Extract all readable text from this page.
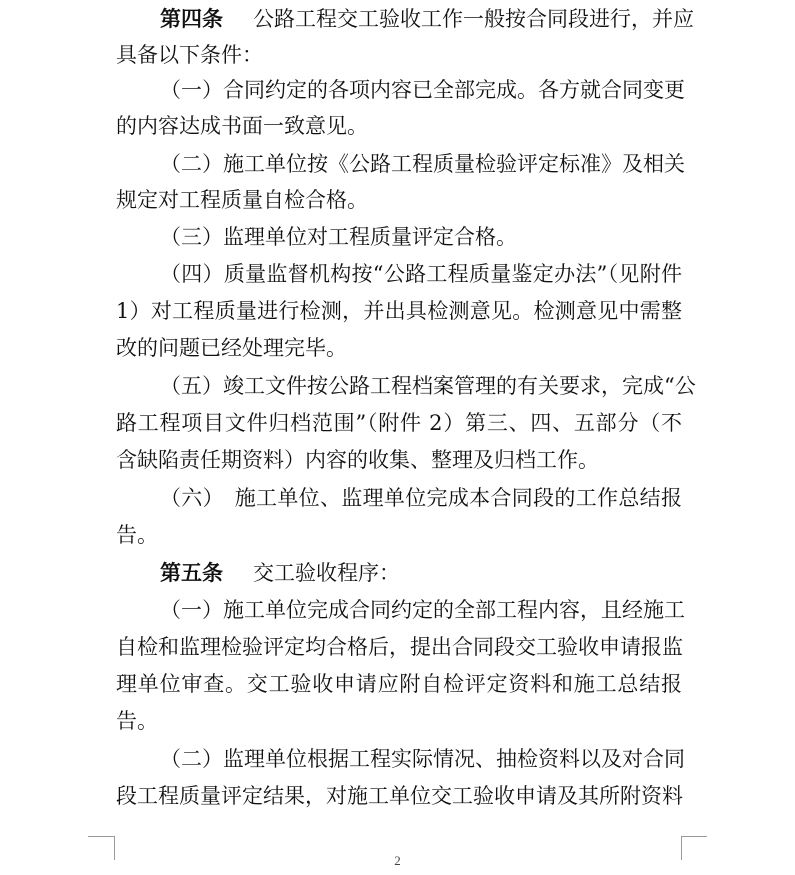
第四条 公路工程交工验收工作一般按合同段进行，并应
具备以下条件：
（一）合同约定的各项内容已全部完成。各方就合同变更
的内容达成书面一致意见。
（二）施工单位按《公路工程质量检验评定标准》及相关
规定对工程质量自检合格。
（三）监理单位对工程质量评定合格。
（四）质量监督机构按“公路工程质量鉴定办法”（见附件
1）对工程质量进行检测，并出具检测意见。检测意见中需整
改的问题已经处理完毕。
（五）竣工文件按公路工程档案管理的有关要求，完成“公
路工程项目文件归档范围”（附件 2）第三、四、五部分（不
含缺陷责任期资料）内容的收集、整理及归档工作。
（六）　施工单位、监理单位完成本合同段的工作总结报
告。
第五条 交工验收程序：
（一）施工单位完成合同约定的全部工程内容，且经施工
自检和监理检验评定均合格后，提出合同段交工验收申请报监
理单位审查。交工验收申请应附自检评定资料和施工总结报
告。
（二）监理单位根据工程实际情况、抽检资料以及对合同
段工程质量评定结果，对施工单位交工验收申请及其所附资料
2
